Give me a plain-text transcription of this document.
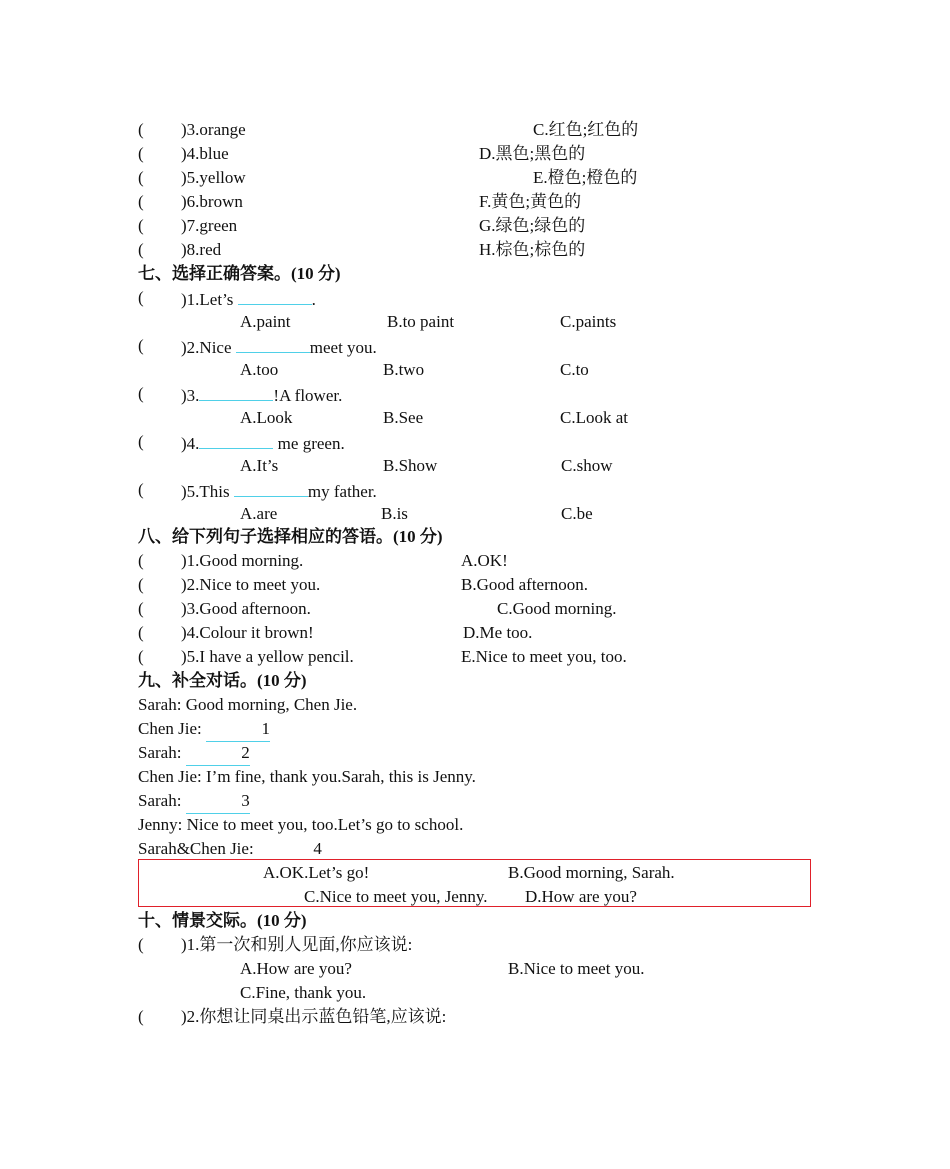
( )3.orange	C.红色;红色的
( )4.blue	D.黑色;黑色的
( )5.yellow	E.橙色;橙色的
( )6.brown	F.黄色;黄色的
( )7.green	G.绿色;绿色的
( )8.red	H.棕色;棕色的
七、选择正确答案。(10 分)
( )1.Let’s	.
A.paint	B.to paint	C.paints
( )2.Nice	meet you.
A.too	B.two	C.to
( )3.	!A flower.
A.Look	B.See	C.Look at
( )4.	me green.
A.It’s	B.Show	C.show
( )5.This	my father.
A.are	B.is	C.be
八、给下列句子选择相应的答语。(10 分)
( )1.Good morning.	A.OK!
( )2.Nice to meet you.	B.Good afternoon.
( )3.Good afternoon.	C.Good morning.
( )4.Colour it brown!	D.Me too.
( )5.I have a yellow pencil.	E.Nice to meet you, too.
九、补全对话。(10 分)
Sarah: Good morning, Chen Jie.
Chen Jie:	1
Sarah:	2
Chen Jie: I’m fine, thank you.Sarah, this is Jenny.
Sarah:	3
Jenny: Nice to meet you, too.Let’s go to school.
Sarah&Chen Jie:	4
A.OK.Let’s go!	B.Good morning, Sarah.
C.Nice to meet you, Jenny. D.How are you?
十、情景交际。(10 分)
( )1.第一次和别人见面,你应该说:
A.How are you?	B.Nice to meet you.
C.Fine, thank you.
( )2.你想让同桌出示蓝色铅笔,应该说:
